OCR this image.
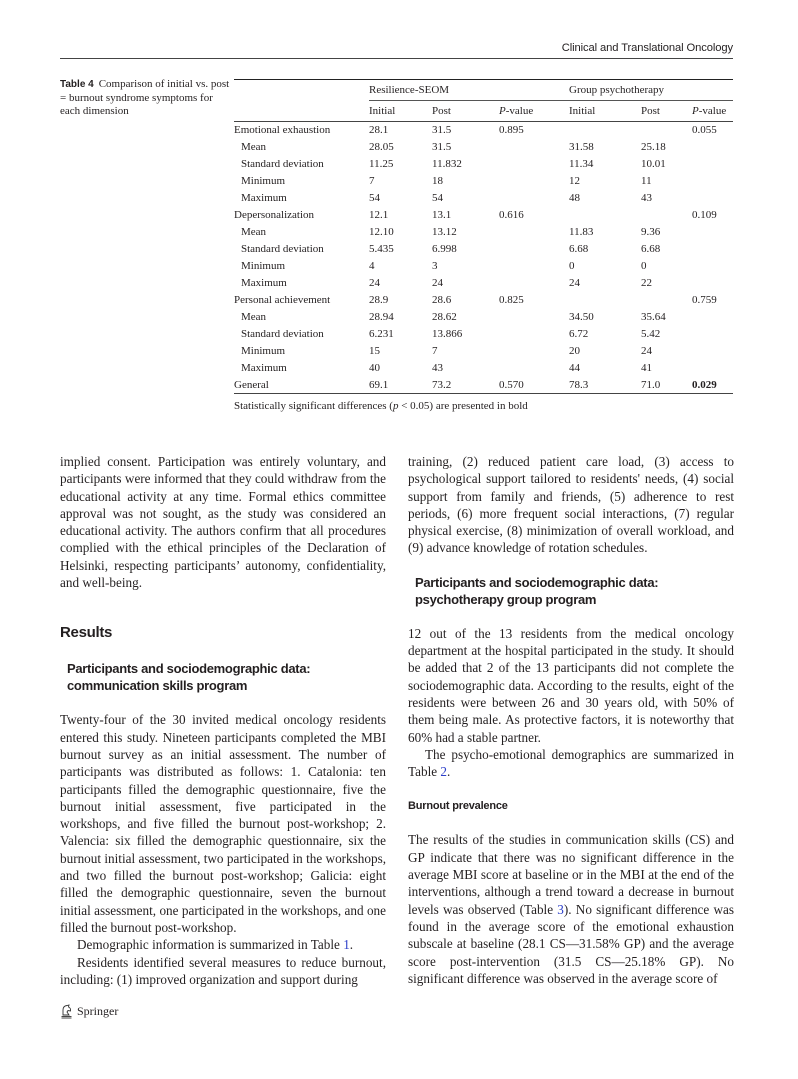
Clinical and Translational Oncology
Table 4 Comparison of initial vs. post = burnout syndrome symptoms for each dimension
	Resilience-SEOM			Group psychotherapy		
	Initial	Post	P-value	Initial	Post	P-value
Emotional exhaustion	28.1	31.5	0.895			0.055
Mean	28.05	31.5		31.58	25.18	
Standard deviation	11.25	11.832		11.34	10.01	
Minimum	7	18		12	11	
Maximum	54	54		48	43	
Depersonalization	12.1	13.1	0.616			0.109
Mean	12.10	13.12		11.83	9.36	
Standard deviation	5.435	6.998		6.68	6.68	
Minimum	4	3		0	0	
Maximum	24	24		24	22	
Personal achievement	28.9	28.6	0.825			0.759
Mean	28.94	28.62		34.50	35.64	
Standard deviation	6.231	13.866		6.72	5.42	
Minimum	15	7		20	24	
Maximum	40	43		44	41	
General	69.1	73.2	0.570	78.3	71.0	0.029
Statistically significant differences (p < 0.05) are presented in bold

implied consent. Participation was entirely voluntary, and participants were informed that they could withdraw from the educational activity at any time. Formal ethics committee approval was not sought, as the study was considered an educational activity. The authors confirm that all procedures complied with the ethical principles of the Declaration of Helsinki, respecting participants’ autonomy, confidentiality, and well-being.

Results
Participants and sociodemographic data: communication skills program

Twenty-four of the 30 invited medical oncology residents entered this study. Nineteen participants completed the MBI burnout survey as an initial assessment. The number of participants was distributed as follows: 1. Catalonia: ten participants filled the demographic questionnaire, five the burnout initial assessment, five participated in the workshops, and five filled the burnout post-workshop; 2. Valencia: six filled the demographic questionnaire, six the burnout initial assessment, two participated in the workshops, and two filled the burnout post-workshop; Galicia: eight filled the demographic questionnaire, seven the burnout initial assessment, one participated in the workshops, and one filled the burnout post-workshop.

Demographic information is summarized in Table 1.

Residents identified several measures to reduce burnout, including: (1) improved organization and support during

training, (2) reduced patient care load, (3) access to psychological support tailored to residents' needs, (4) social support from family and friends, (5) adherence to rest periods, (6) more frequent social interactions, (7) regular physical exercise, (8) minimization of overall workload, and (9) advance knowledge of rotation schedules.

Participants and sociodemographic data: psychotherapy group program

12 out of the 13 residents from the medical oncology department at the hospital participated in the study. It should be added that 2 of the 13 participants did not complete the sociodemographic data. According to the results, eight of the residents were between 26 and 30 years old, with 50% of them being male. As protective factors, it is noteworthy that 60% had a stable partner.

The psycho-emotional demographics are summarized in Table 2.

Burnout prevalence

The results of the studies in communication skills (CS) and GP indicate that there was no significant difference in the average MBI score at baseline or in the MBI at the end of the interventions, although a trend toward a decrease in burnout levels was observed (Table 3). No significant difference was found in the average score of the emotional exhaustion subscale at baseline (28.1 CS—31.58% GP) and the average score post-intervention (31.5 CS—25.18% GP). No significant difference was observed in the average score of

Springer
